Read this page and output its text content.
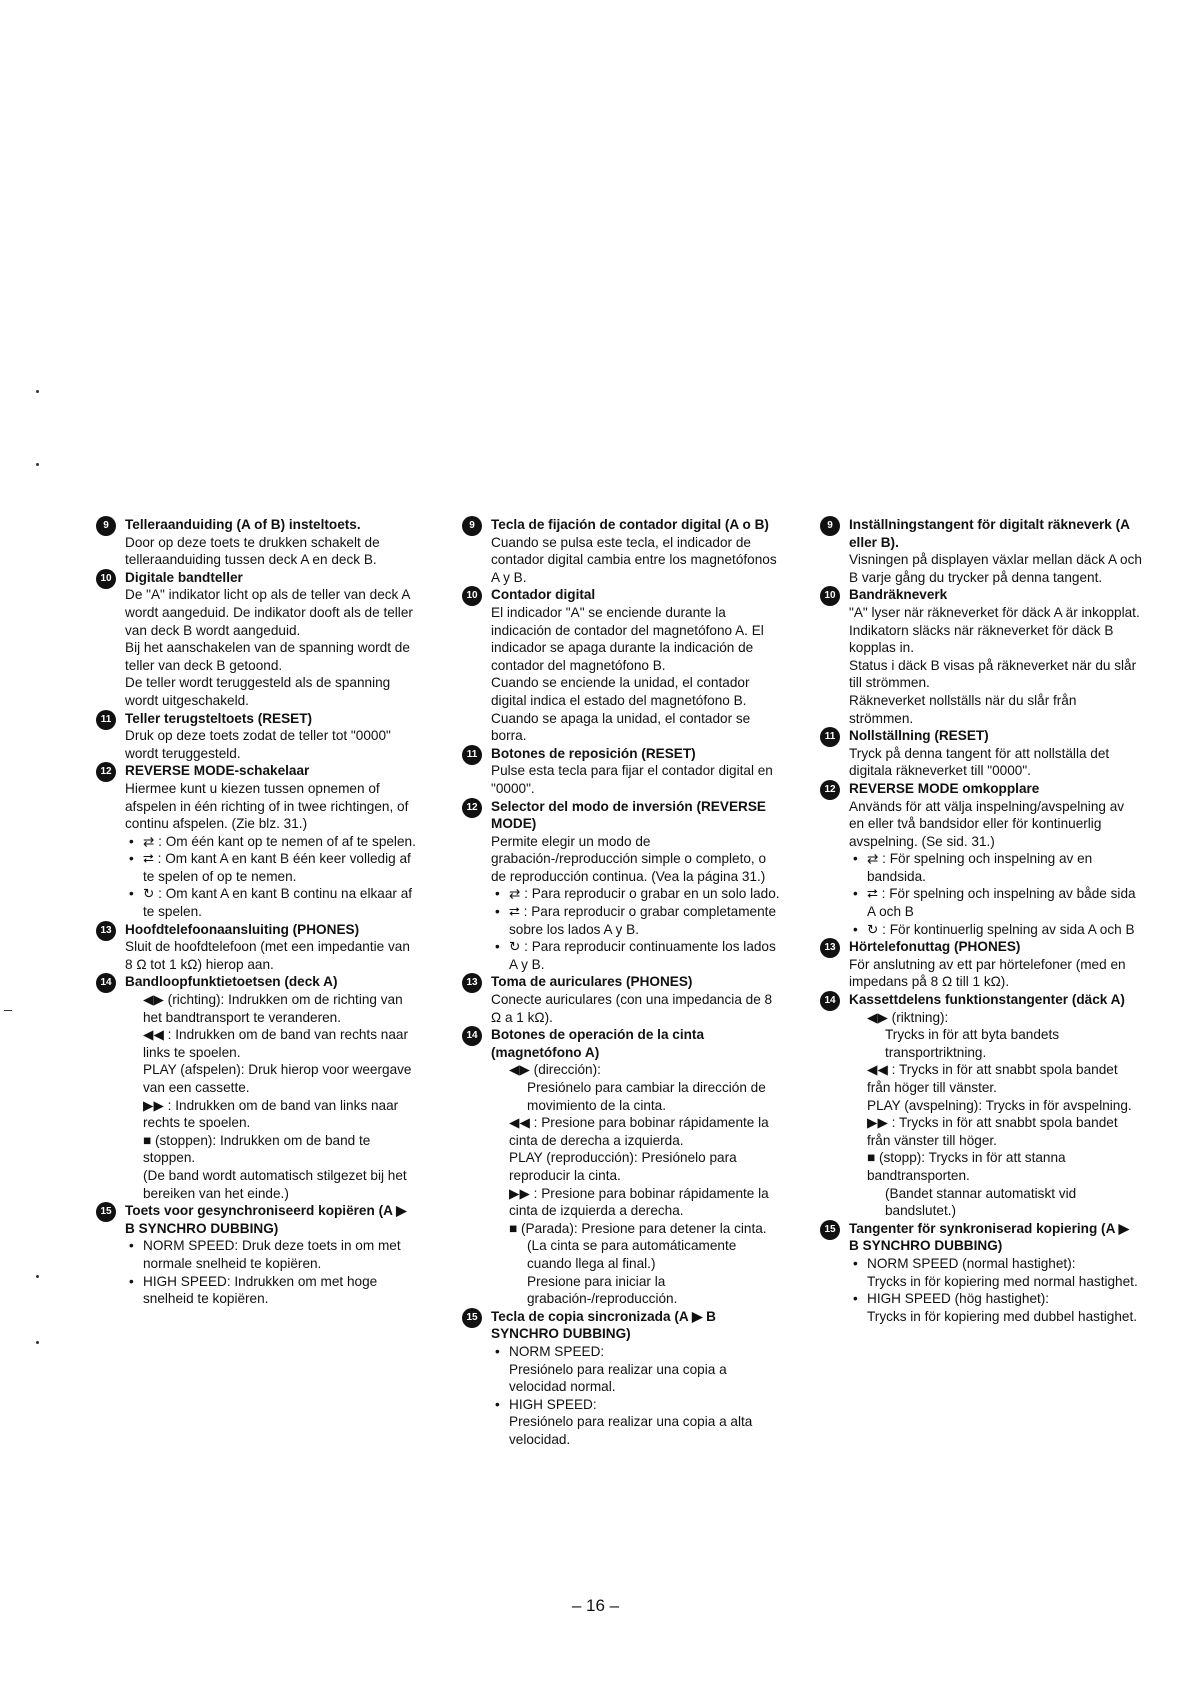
9	Telleraanduiding (A of B) insteltoets.

Door op deze toets te drukken schakelt de telleraanduiding tussen deck A en deck B.

10 Digitale bandteller

De "A" indikator licht op als de teller van deck A wordt aangeduid. De indikator dooft als de teller van deck B wordt aangeduid.

Bij het aanschakelen van de spanning wordt de teller van deck B getoond.

De teller wordt teruggesteld als de spanning wordt uitgeschakeld.

11	Teller terugsteltoets (RESET)

Druk op deze toets zodat de teller tot "0000" wordt teruggesteld.

12 REVERSE MODE-schakelaar

Hiermee kunt u kiezen tussen opnemen of afspelen in één richting of in twee richtingen, of continu afspelen. (Zie blz. 31.)

• ⇄ : Om één kant op te nemen of af te spelen.

• ⮂ : Om kant A en kant B één keer volledig af te spelen of op te nemen.

• ↻ : Om kant A en kant B continu na elkaar af te spelen.

13 Hoofdtelefoonaansluiting (PHONES)

Sluit de hoofdtelefoon (met een impedantie van 8 Ω tot 1 kΩ) hierop aan.

14 Bandloopfunktietoetsen (deck A)

◀▶ (richting): Indrukken om de richting van het bandtransport te veranderen.

◀◀ : Indrukken om de band van rechts naar links te spoelen.

PLAY (afspelen): Druk hierop voor weergave van een cassette.

▶▶ : Indrukken om de band van links naar rechts te spoelen.

■ (stoppen): Indrukken om de band te stoppen.

(De band wordt automatisch stilgezet bij het bereiken van het einde.)

15 Toets voor gesynchroniseerd kopiëren (A ▶ B SYNCHRO DUBBING)

• NORM SPEED: Druk deze toets in om met normale snelheid te kopiëren.

• HIGH SPEED: Indrukken om met hoge snelheid te kopiëren.

9	Tecla de fijación de contador digital (A o B)

Cuando se pulsa este tecla, el indicador de contador digital cambia entre los magnetófonos A y B.

10 Contador digital

El indicador "A" se enciende durante la indicación de contador del magnetófono A. El indicador se apaga durante la indicación de contador del magnetófono B.

Cuando se enciende la unidad, el contador digital indica el estado del magnetófono B.

Cuando se apaga la unidad, el contador se borra.

11	Botones de reposición (RESET)

Pulse esta tecla para fijar el contador digital en "0000".

12 Selector del modo de inversión (REVERSE MODE)

Permite elegir un modo de grabación-/reproducción simple o completo, o de reproducción continua. (Vea la página 31.)

• ⇄ : Para reproducir o grabar en un solo lado.

• ⮂ : Para reproducir o grabar completamente sobre los lados A y B.

• ↻ : Para reproducir continuamente los lados A y B.

13 Toma de auriculares (PHONES)

Conecte auriculares (con una impedancia de 8 Ω a 1 kΩ).

14 Botones de operación de la cinta (magnetófono A)

◀▶ (dirección):

Presiónelo para cambiar la dirección de movimiento de la cinta.

◀◀ : Presione para bobinar rápidamente la cinta de derecha a izquierda.

PLAY (reproducción): Presiónelo para reproducir la cinta.

▶▶ : Presione para bobinar rápidamente la cinta de izquierda a derecha.

■ (Parada): Presione para detener la cinta.

(La cinta se para automáticamente cuando llega al final.)

Presione para iniciar la grabación-/reproducción.

15 Tecla de copia sincronizada (A ▶ B SYNCHRO DUBBING)

• NORM SPEED:

Presiónelo para realizar una copia a velocidad normal.

• HIGH SPEED:

Presiónelo para realizar una copia a alta velocidad.

9	Inställningstangent för digitalt räkneverk (A eller B).

Visningen på displayen växlar mellan däck A och B varje gång du trycker på denna tangent.

10 Bandräkneverk

"A" lyser när räkneverket för däck A är inkopplat. Indikatorn släcks när räkneverket för däck B kopplas in.

Status i däck B visas på räkneverket när du slår till strömmen.

Räkneverket nollställs när du slår från strömmen.

11	Nollställning (RESET)

Tryck på denna tangent för att nollställa det digitala räkneverket till "0000".

12 REVERSE MODE omkopplare

Används för att välja inspelning/avspelning av en eller två bandsidor eller för kontinuerlig avspelning. (Se sid. 31.)

• ⇄ : För spelning och inspelning av en bandsida.

• ⮂ : För spelning och inspelning av både sida A och B

• ↻ : För kontinuerlig spelning av sida A och B

13 Hörtelefonuttag (PHONES)

För anslutning av ett par hörtelefoner (med en impedans på 8 Ω till 1 kΩ).

14 Kassettdelens funktionstangenter (däck A)

◀▶ (riktning):

Trycks in för att byta bandets transportriktning.

◀◀ : Trycks in för att snabbt spola bandet från höger till vänster.

PLAY (avspelning): Trycks in för avspelning.

▶▶ : Trycks in för att snabbt spola bandet från vänster till höger.

■ (stopp): Trycks in för att stanna bandtransporten.

(Bandet stannar automatiskt vid bandslutet.)

15 Tangenter för synkroniserad kopiering (A ▶ B SYNCHRO DUBBING)

• NORM SPEED (normal hastighet):

Trycks in för kopiering med normal hastighet.

• HIGH SPEED (hög hastighet):

Trycks in för kopiering med dubbel hastighet.

– 16 –
